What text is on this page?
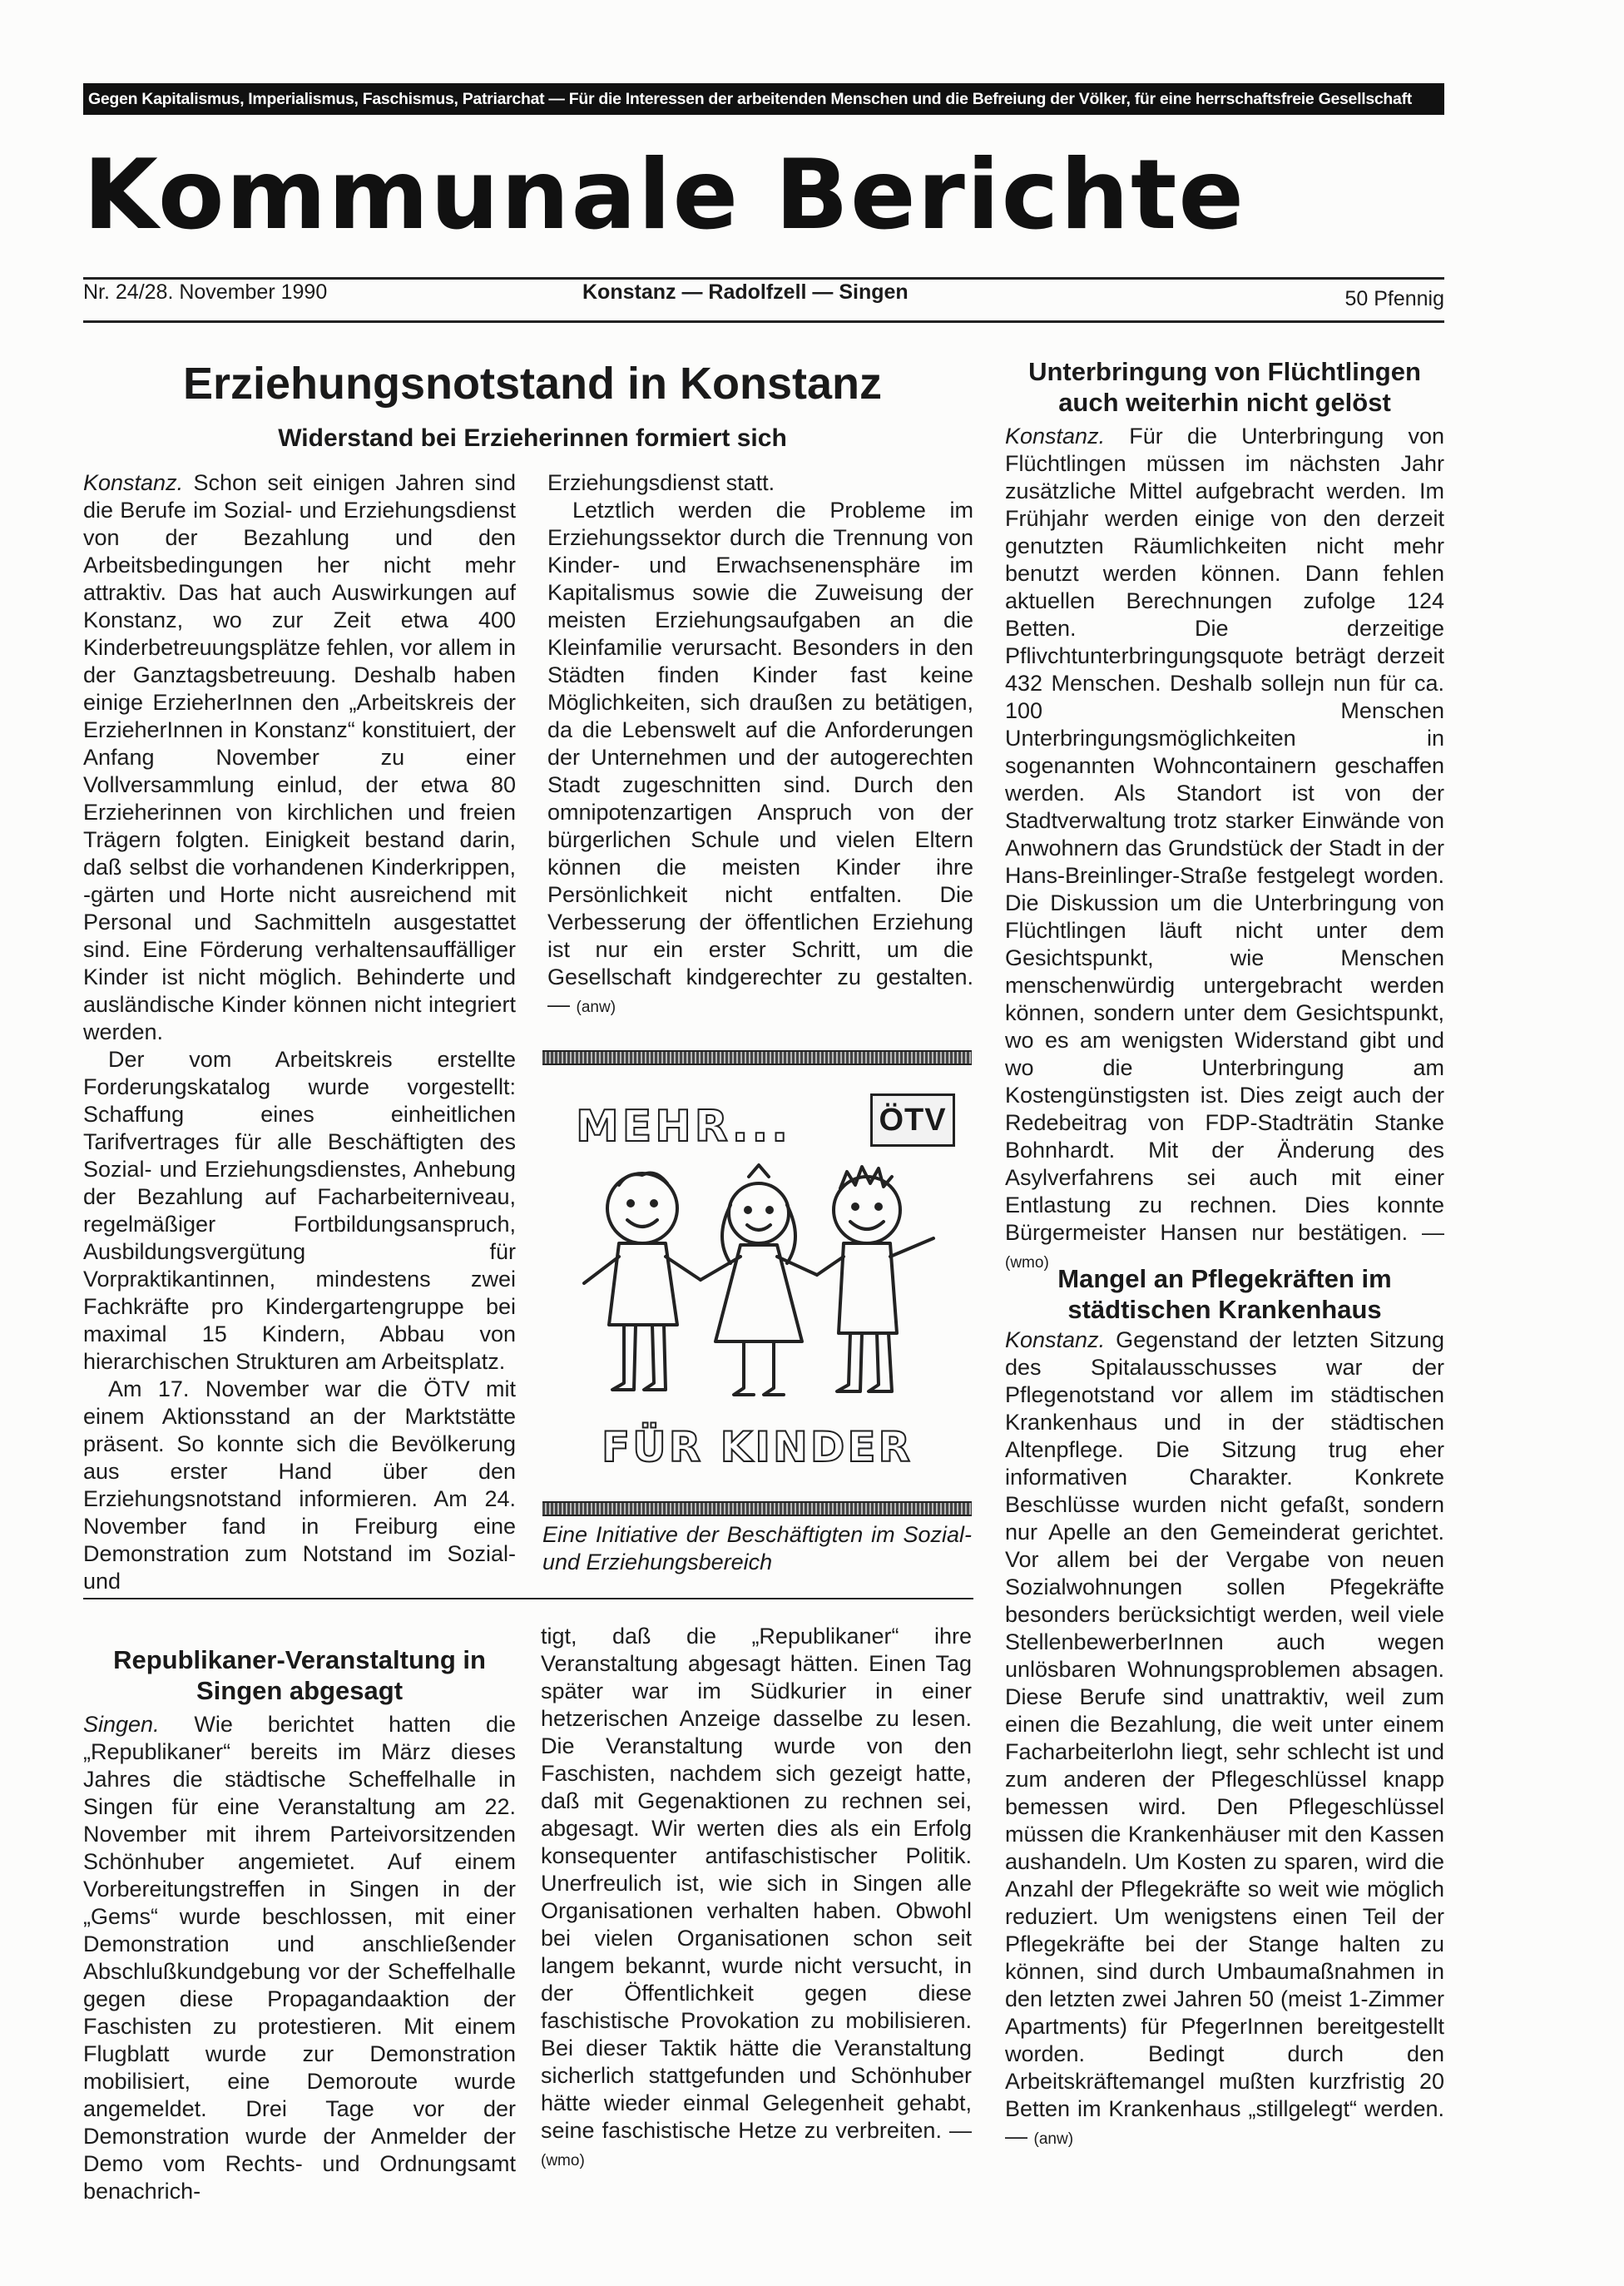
Gegen Kapitalismus, Imperialismus, Faschismus, Patriarchat — Für die Interessen der arbeitenden Menschen und die Befreiung der Völker, für eine herrschaftsfreie Gesellschaft
Kommunale Berichte
Nr. 24/28. November 1990	Konstanz — Radolfzell — Singen	50 Pfennig
Erziehungsnotstand in Konstanz
Widerstand bei Erzieherinnen formiert sich

Konstanz. Schon seit einigen Jahren sind die Berufe im Sozial- und Erziehungsdienst von der Bezahlung und den Arbeitsbedingungen her nicht mehr attraktiv. Das hat auch Auswirkungen auf Konstanz, wo zur Zeit etwa 400 Kinderbetreuungsplätze fehlen, vor allem in der Ganztagsbetreuung. Deshalb haben einige ErzieherInnen den „Arbeitskreis der ErzieherInnen in Konstanz“ konstituiert, der Anfang November zu einer Vollversammlung einlud, der etwa 80 Erzieherinnen von kirchlichen und freien Trägern folgten. Einigkeit bestand darin, daß selbst die vorhandenen Kinderkrippen, -gärten und Horte nicht ausreichend mit Personal und Sachmitteln ausgestattet sind. Eine Förderung verhaltensauffälliger Kinder ist nicht möglich. Behinderte und ausländische Kinder können nicht integriert werden.

Der vom Arbeitskreis erstellte Forderungskatalog wurde vorgestellt: Schaffung eines einheitlichen Tarifvertrages für alle Beschäftigten des Sozial- und Erziehungsdienstes, Anhebung der Bezahlung auf Facharbeiterniveau, regelmäßiger Fortbildungsanspruch, Ausbildungsvergütung für Vorpraktikantinnen, mindestens zwei Fachkräfte pro Kindergartengruppe bei maximal 15 Kindern, Abbau von hierarchischen Strukturen am Arbeitsplatz.

Am 17. November war die ÖTV mit einem Aktionsstand an der Marktstätte präsent. So konnte sich die Bevölkerung aus erster Hand über den Erziehungsnotstand informieren. Am 24. November fand in Freiburg eine Demonstration zum Notstand im Sozial- und

Erziehungsdienst statt.

Letztlich werden die Probleme im Erziehungssektor durch die Trennung von Kinder- und Erwachsenensphäre im Kapitalismus sowie die Zuweisung der meisten Erziehungsaufgaben an die Kleinfamilie verursacht. Besonders in den Städten finden Kinder fast keine Möglichkeiten, sich draußen zu betätigen, da die Lebenswelt auf die Anforderungen der Unternehmen und der autogerechten Stadt zugeschnitten sind. Durch den omnipotenzartigen Anspruch von der bürgerlichen Schule und vielen Eltern können die meisten Kinder ihre Persönlichkeit nicht entfalten. Die Verbesserung der öffentlichen Erziehung ist nur ein erster Schritt, um die Gesellschaft kindgerechter zu gestalten. — (anw)

MEHR...	ÖTV
FÜR KINDER
Eine Initiative der Beschäftigten im Sozial- und Erziehungsbereich
Unterbringung von Flüchtlingen auch weiterhin nicht gelöst

Konstanz. Für die Unterbringung von Flüchtlingen müssen im nächsten Jahr zusätzliche Mittel aufgebracht werden. Im Frühjahr werden einige von den derzeit genutzten Räumlichkeiten nicht mehr benutzt werden können. Dann fehlen aktuellen Berechnungen zufolge 124 Betten. Die derzeitige Pflivchtunterbringungsquote beträgt derzeit 432 Menschen. Deshalb sollejn nun für ca. 100 Menschen Unterbringungsmöglichkeiten in sogenannten Wohncontainern geschaffen werden. Als Standort ist von der Stadtverwaltung trotz starker Einwände von Anwohnern das Grundstück der Stadt in der Hans-Breinlinger-Straße festgelegt worden. Die Diskussion um die Unterbringung von Flüchtlingen läuft nicht unter dem Gesichtspunkt, wie Menschen menschenwürdig untergebracht werden können, sondern unter dem Gesichtspunkt, wo es am wenigsten Widerstand gibt und wo die Unterbringung am Kostengünstigsten ist. Dies zeigt auch der Redebeitrag von FDP-Stadträtin Stanke Bohnhardt. Mit der Änderung des Asylverfahrens sei auch mit einer Entlastung zu rechnen. Dies konnte Bürgermeister Hansen nur bestätigen. — (wmo)

Mangel an Pflegekräften im städtischen Krankenhaus

Konstanz. Gegenstand der letzten Sitzung des Spitalausschusses war der Pflegenotstand vor allem im städtischen Krankenhaus und in der städtischen Altenpflege. Die Sitzung trug eher informativen Charakter. Konkrete Beschlüsse wurden nicht gefaßt, sondern nur Apelle an den Gemeinderat gerichtet. Vor allem bei der Vergabe von neuen Sozialwohnungen sollen Pfegekräfte besonders berücksichtigt werden, weil viele StellenbewerberInnen auch wegen unlösbaren Wohnungsproblemen absagen. Diese Berufe sind unattraktiv, weil zum einen die Bezahlung, die weit unter einem Facharbeiterlohn liegt, sehr schlecht ist und zum anderen der Pflegeschlüssel knapp bemessen wird. Den Pflegeschlüssel müssen die Krankenhäuser mit den Kassen aushandeln. Um Kosten zu sparen, wird die Anzahl der Pflegekräfte so weit wie möglich reduziert. Um wenigstens einen Teil der Pflegekräfte bei der Stange halten zu können, sind durch Umbaumaßnahmen in den letzten zwei Jahren 50 (meist 1-Zimmer Apartments) für PfegerInnen bereitgestellt worden. Bedingt durch den Arbeitskräftemangel mußten kurzfristig 20 Betten im Krankenhaus „stillgelegt“ werden. — (anw)

Republikaner-Veranstaltung in Singen abgesagt

Singen. Wie berichtet hatten die „Republikaner“ bereits im März dieses Jahres die städtische Scheffelhalle in Singen für eine Veranstaltung am 22. November mit ihrem Parteivorsitzenden Schönhuber angemietet. Auf einem Vorbereitungstreffen in Singen in der „Gems“ wurde beschlossen, mit einer Demonstration und anschließender Abschlußkundgebung vor der Scheffelhalle gegen diese Propagandaaktion der Faschisten zu protestieren. Mit einem Flugblatt wurde zur Demonstration mobilisiert, eine Demoroute wurde angemeldet. Drei Tage vor der Demonstration wurde der Anmelder der Demo vom Rechts- und Ordnungsamt benachrich-

tigt, daß die „Republikaner“ ihre Veranstaltung abgesagt hätten. Einen Tag später war im Südkurier in einer hetzerischen Anzeige dasselbe zu lesen. Die Veranstaltung wurde von den Faschisten, nachdem sich gezeigt hatte, daß mit Gegenaktionen zu rechnen sei, abgesagt. Wir werten dies als ein Erfolg konsequenter antifaschistischer Politik. Unerfreulich ist, wie sich in Singen alle Organisationen verhalten haben. Obwohl bei vielen Organisationen schon seit langem bekannt, wurde nicht versucht, in der Öffentlichkeit gegen diese faschistische Provokation zu mobilisieren. Bei dieser Taktik hätte die Veranstaltung sicherlich stattgefunden und Schönhuber hätte wieder einmal Gelegenheit gehabt, seine faschistische Hetze zu verbreiten. — (wmo)
